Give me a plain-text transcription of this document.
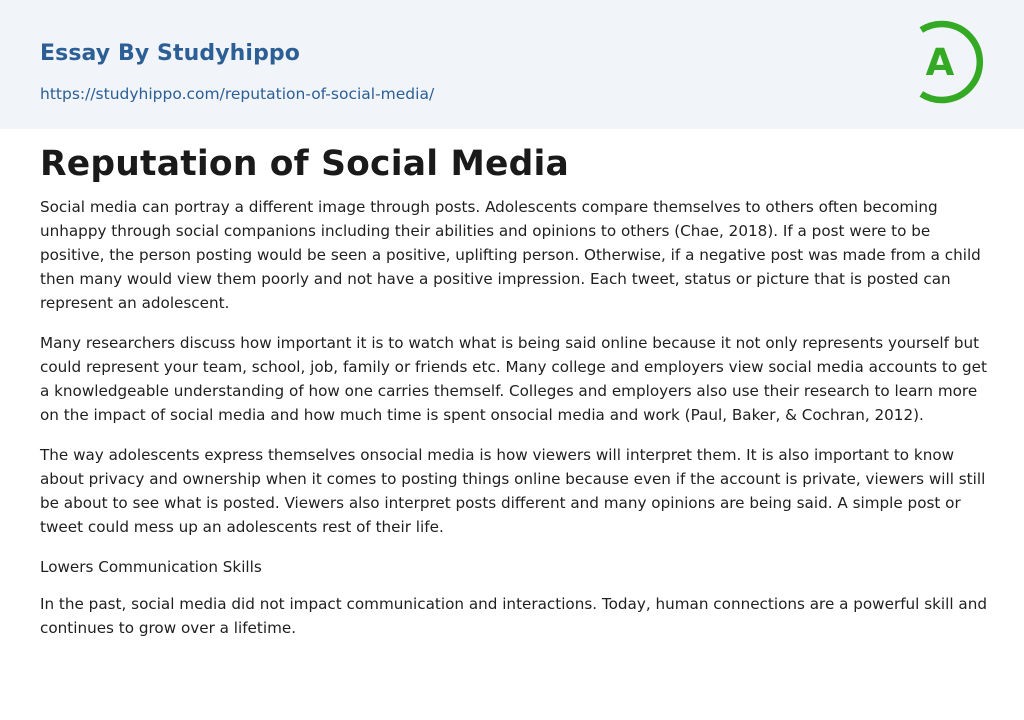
Essay By Studyhippo
https://studyhippo.com/reputation-of-social-media/
A
Reputation of Social Media

Social media can portray a different image through posts. Adolescents compare themselves to others often becoming unhappy through social companions including their abilities and opinions to others (Chae, 2018). If a post were to be positive, the person posting would be seen a positive, uplifting person. Otherwise, if a negative post was made from a child then many would view them poorly and not have a positive impression. Each tweet, status or picture that is posted can represent an adolescent.

Many researchers discuss how important it is to watch what is being said online because it not only represents yourself but could represent your team, school, job, family or friends etc. Many college and employers view social media accounts to get a knowledgeable understanding of how one carries themself. Colleges and employers also use their research to learn more on the impact of social media and how much time is spent onsocial media and work (Paul, Baker, & Cochran, 2012).

The way adolescents express themselves onsocial media is how viewers will interpret them. It is also important to know about privacy and ownership when it comes to posting things online because even if the account is private, viewers will still be about to see what is posted. Viewers also interpret posts different and many opinions are being said. A simple post or tweet could mess up an adolescents rest of their life.

Lowers Communication Skills

In the past, social media did not impact communication and interactions. Today, human connections are a powerful skill and continues to grow over a lifetime.
